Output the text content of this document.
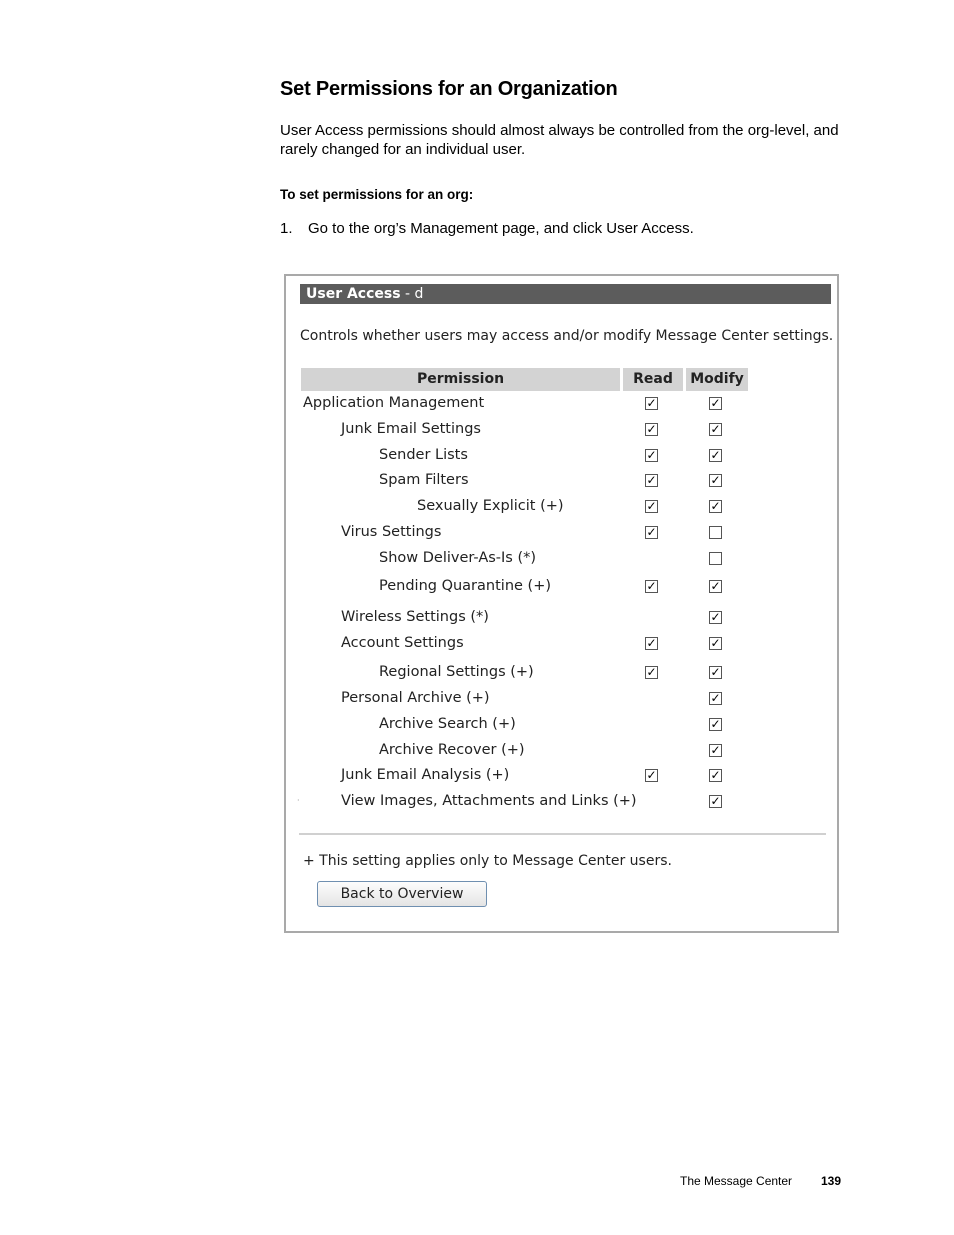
Set Permissions for an Organization
User Access permissions should almost always be controlled from the org-level, and rarely changed for an individual user.
To set permissions for an org:
1. Go to the org’s Management page, and click User Access.
User Access - d
Controls whether users may access and/or modify Message Center settings.
Permission	Read	Modify
Application Management
✓
✓
Junk Email Settings
✓
✓
Sender Lists
✓
✓
Spam Filters
✓
✓
Sexually Explicit (+)
✓
✓
Virus Settings
✓
Show Deliver-As-Is (*)
Pending Quarantine (+)
✓
✓
Wireless Settings (*)
✓
Account Settings
✓
✓
Regional Settings (+)
✓
✓
Personal Archive (+)
✓
Archive Search (+)
✓
Archive Recover (+)
✓
Junk Email Analysis (+)
✓
✓
View Images, Attachments and Links (+)
✓
·
+ This setting applies only to Message Center users.
Back to Overview
The Message Center 139
